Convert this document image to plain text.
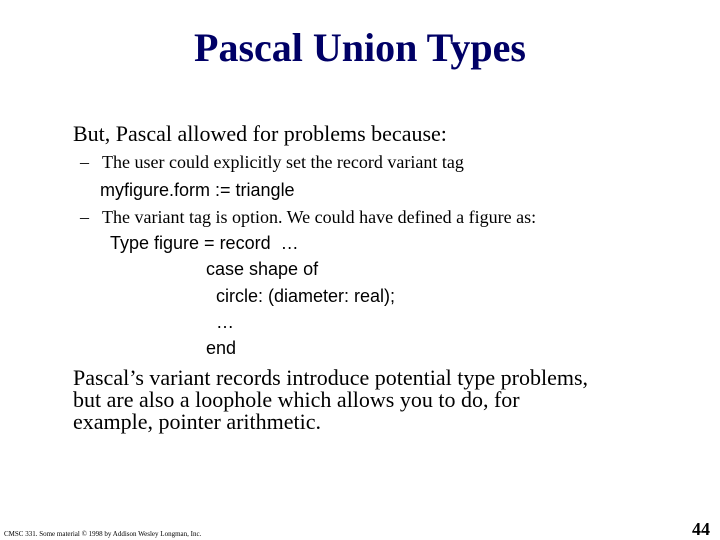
Pascal Union Types
But, Pascal allowed for problems because:
– The user could explicitly set the record variant tag
myfigure.form := triangle
– The variant tag is option. We could have defined a figure as:
Type figure = record  …
case shape of
circle: (diameter: real);
…
end
Pascal’s variant records introduce potential type problems,
but are also a loophole which allows you to do, for
example, pointer arithmetic.
CMSC 331. Some material © 1998 by Addison Wesley Longman, Inc.	44
